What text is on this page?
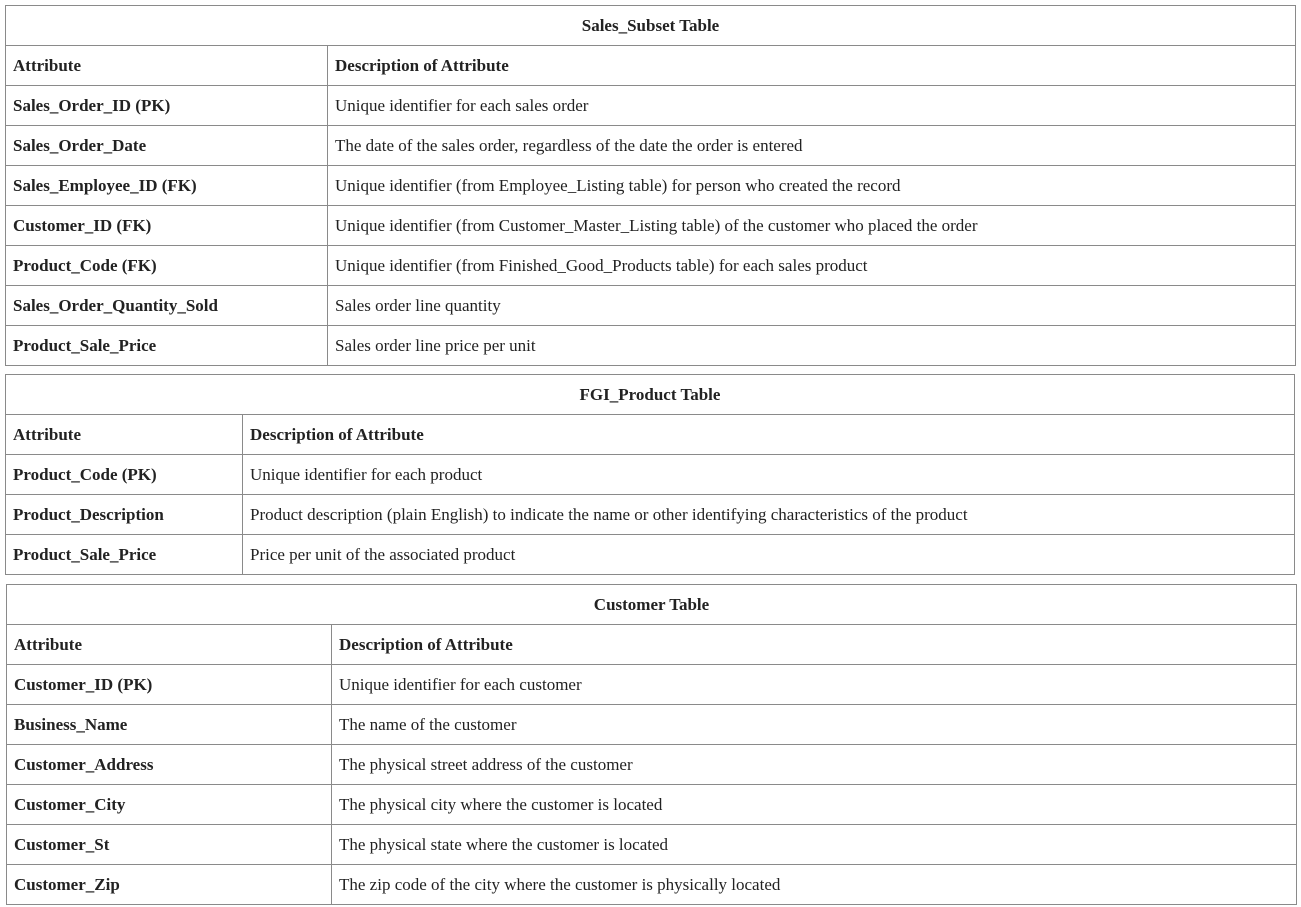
Sales_Subset Table	
Attribute	Description of Attribute
Sales_Order_ID (PK)	Unique identifier for each sales order
Sales_Order_Date	The date of the sales order, regardless of the date the order is entered
Sales_Employee_ID (FK)	Unique identifier (from Employee_Listing table) for person who created the record
Customer_ID (FK)	Unique identifier (from Customer_Master_Listing table) of the customer who placed the order
Product_Code (FK)	Unique identifier (from Finished_Good_Products table) for each sales product
Sales_Order_Quantity_Sold	Sales order line quantity
Product_Sale_Price	Sales order line price per unit
FGI_Product Table	
Attribute	Description of Attribute
Product_Code (PK)	Unique identifier for each product
Product_Description	Product description (plain English) to indicate the name or other identifying characteristics of the product
Product_Sale_Price	Price per unit of the associated product
Customer Table	
Attribute	Description of Attribute
Customer_ID (PK)	Unique identifier for each customer
Business_Name	The name of the customer
Customer_Address	The physical street address of the customer
Customer_City	The physical city where the customer is located
Customer_St	The physical state where the customer is located
Customer_Zip	The zip code of the city where the customer is physically located
